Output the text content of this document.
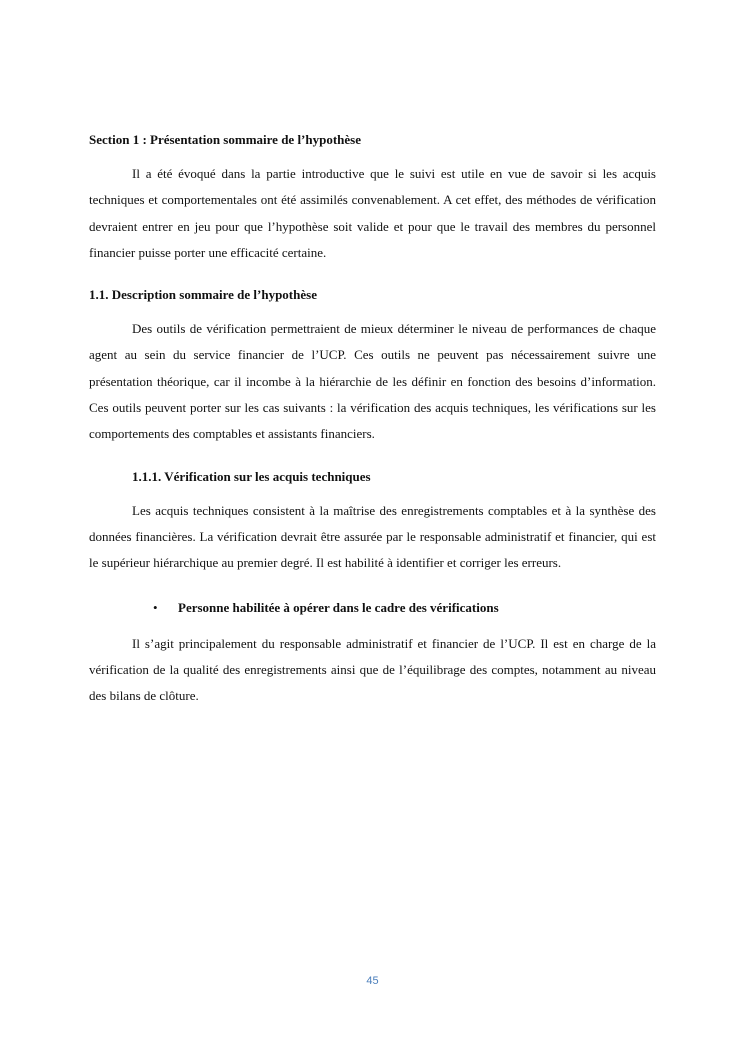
Section 1 : Présentation sommaire de l’hypothèse

Il a été évoqué dans la partie introductive que le suivi est utile en vue de savoir si les acquis techniques et comportementales ont été assimilés convenablement. A cet effet, des méthodes de vérification devraient entrer en jeu pour que l’hypothèse soit valide et pour que le travail des membres du personnel financier puisse porter une efficacité certaine.

1.1. Description sommaire de l’hypothèse

Des outils de vérification permettraient de mieux déterminer le niveau de performances de chaque agent au sein du service financier de l’UCP. Ces outils ne peuvent pas nécessairement suivre une présentation théorique, car il incombe à la hiérarchie de les définir en fonction des besoins d’information. Ces outils peuvent porter sur les cas suivants : la vérification des acquis techniques, les vérifications sur les comportements des comptables et assistants financiers.

1.1.1. Vérification sur les acquis techniques

Les acquis techniques consistent à la maîtrise des enregistrements comptables et à la synthèse des données financières. La vérification devrait être assurée par le responsable administratif et financier, qui est le supérieur hiérarchique au premier degré. Il est habilité à identifier et corriger les erreurs.

•	Personne habilitée à opérer dans le cadre des vérifications

Il s’agit principalement du responsable administratif et financier de l’UCP. Il est en charge de la vérification de la qualité des enregistrements ainsi que de l’équilibrage des comptes, notamment au niveau des bilans de clôture.

45
